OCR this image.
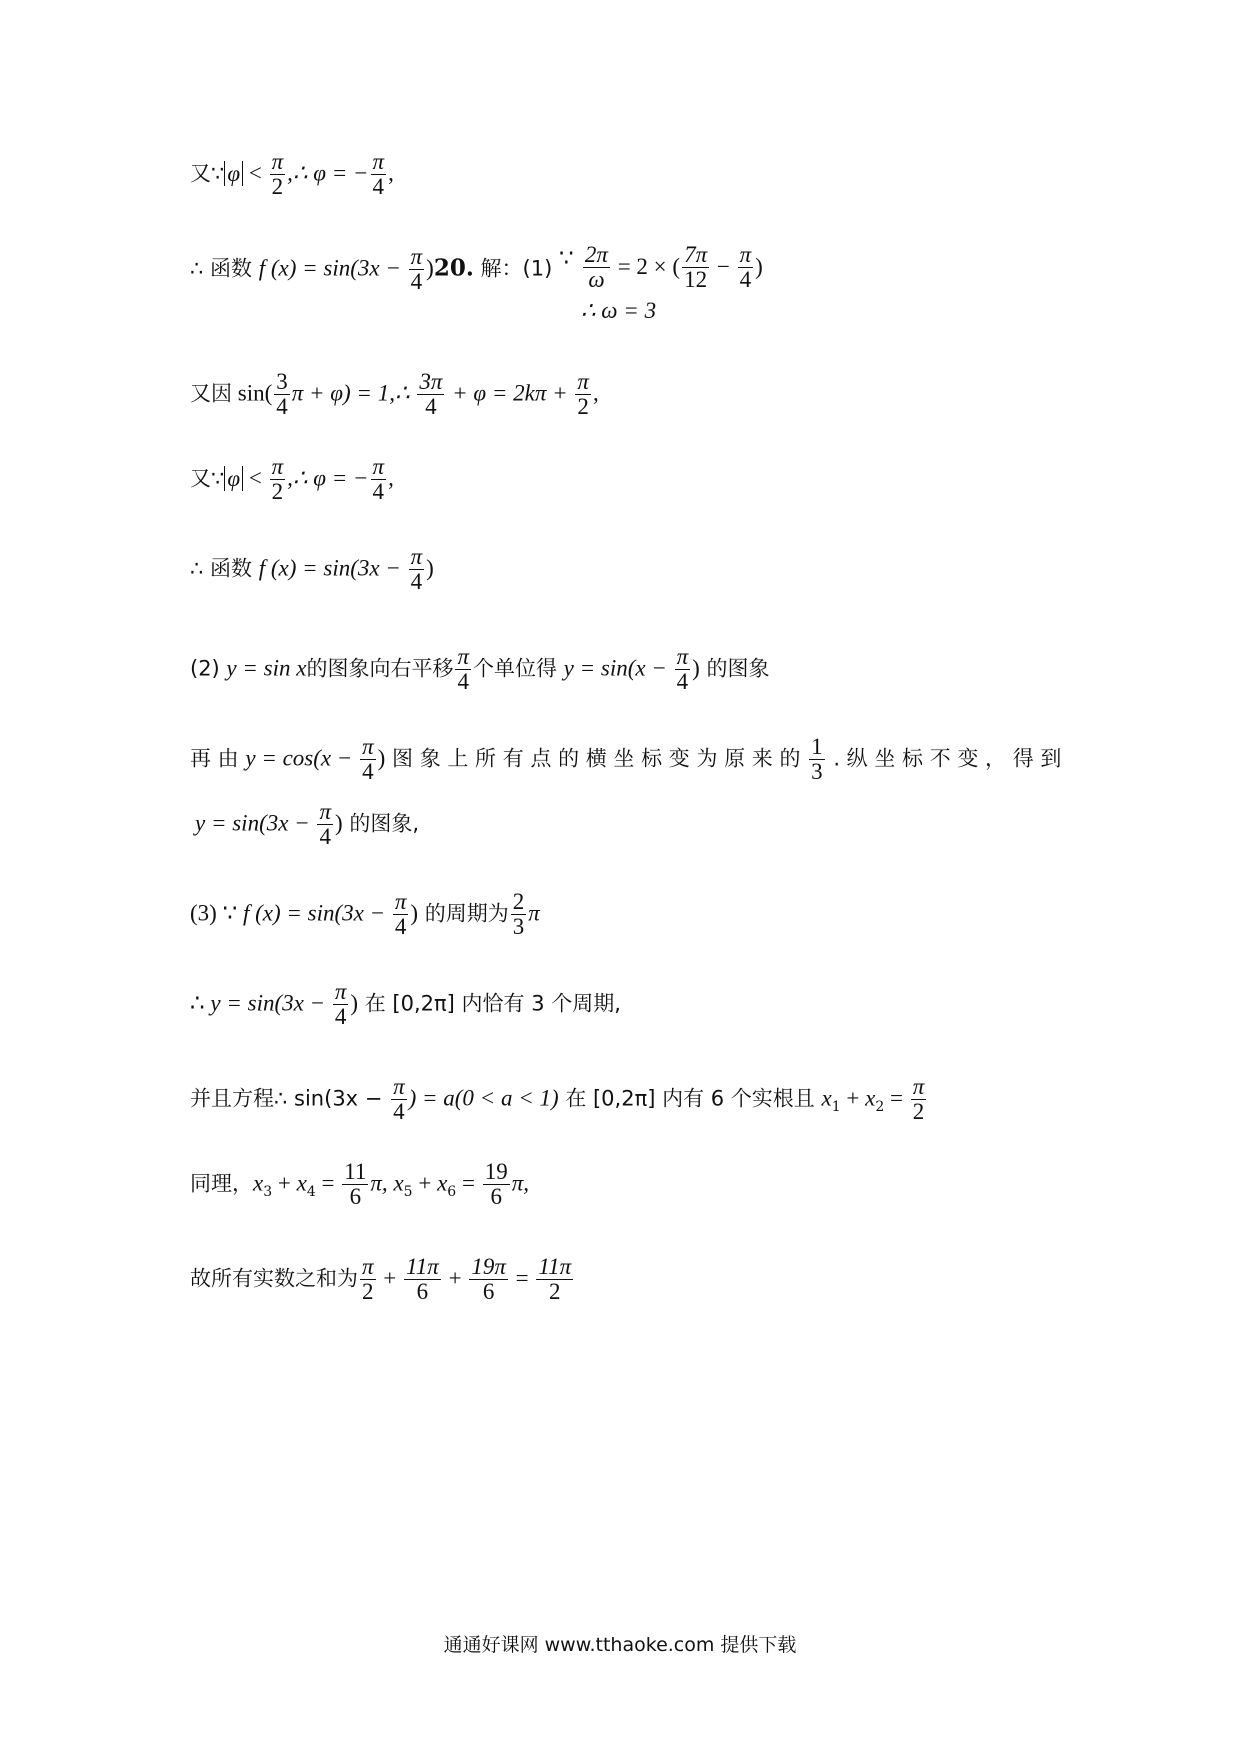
又∵ $\varphi < \frac{\pi}{2}$ ,∴ φ = − $\frac{\pi}{4}$ ,
∴ 函数 f $(x) = \sin(3x - \frac{\pi}{4} )20$. 解：(1) ∵ $\frac{2\pi}{\omega} = 2$ × ( $\frac{7\pi}{12} - \frac{\pi}{4}$ )
∴ ω = 3
又因 $\sin( \frac{3}{4}$ π + φ) = 1,∴ $\frac{3\pi}{4} + \varphi = 2k\pi + \frac{\pi}{2}$ ,
又∵ $\varphi < \frac{\pi}{2}$ ,∴ φ = − $\frac{\pi}{4}$ ,
∴ 函数 f $(x) = \sin(3x - \frac{\pi}{4}$ )
(2) y = sin x的图象向右平移 $\frac{\pi}{4}$ 个单位得 $y = \sin(x - \frac{\pi}{4}$ ) 的图象
再 由 $y = \cos(x - \frac{\pi}{4}$ ) 图 象 上 所 有 点 的 横 坐 标 变 为 原 来 的 $\frac{1}{3}$ . 纵 坐 标 不 变 ， 得 到
$y = \sin(3x - \frac{\pi}{4}$ ) 的图象,
(3) ∵ f $(x) = \sin(3x - \frac{\pi}{4}$ ) 的周期为 $\frac{2}{3}$ π
∴ $y = \sin(3x - \frac{\pi}{4}$ ) 在 [0,2π] 内恰有 3 个周期,
并且方程∴ $\sin(3x - \frac{\pi}{4}$ ) = a(0 < a < 1) 在 [0,2π] 内有 6 个实根且 $x_1 + x_2 = \frac{\pi}{2}$
同理，$x_3 + x_4 = \frac{11}{6} \pi$, $x_5 + x_6 = \frac{19}{6} \pi$,
故所有实数之和为 $\frac{\pi}{2} + \frac{11\pi}{6} + \frac{19\pi}{6} = \frac{11\pi}{2}$
通通好课网 www.tthaoke.com 提供下载
